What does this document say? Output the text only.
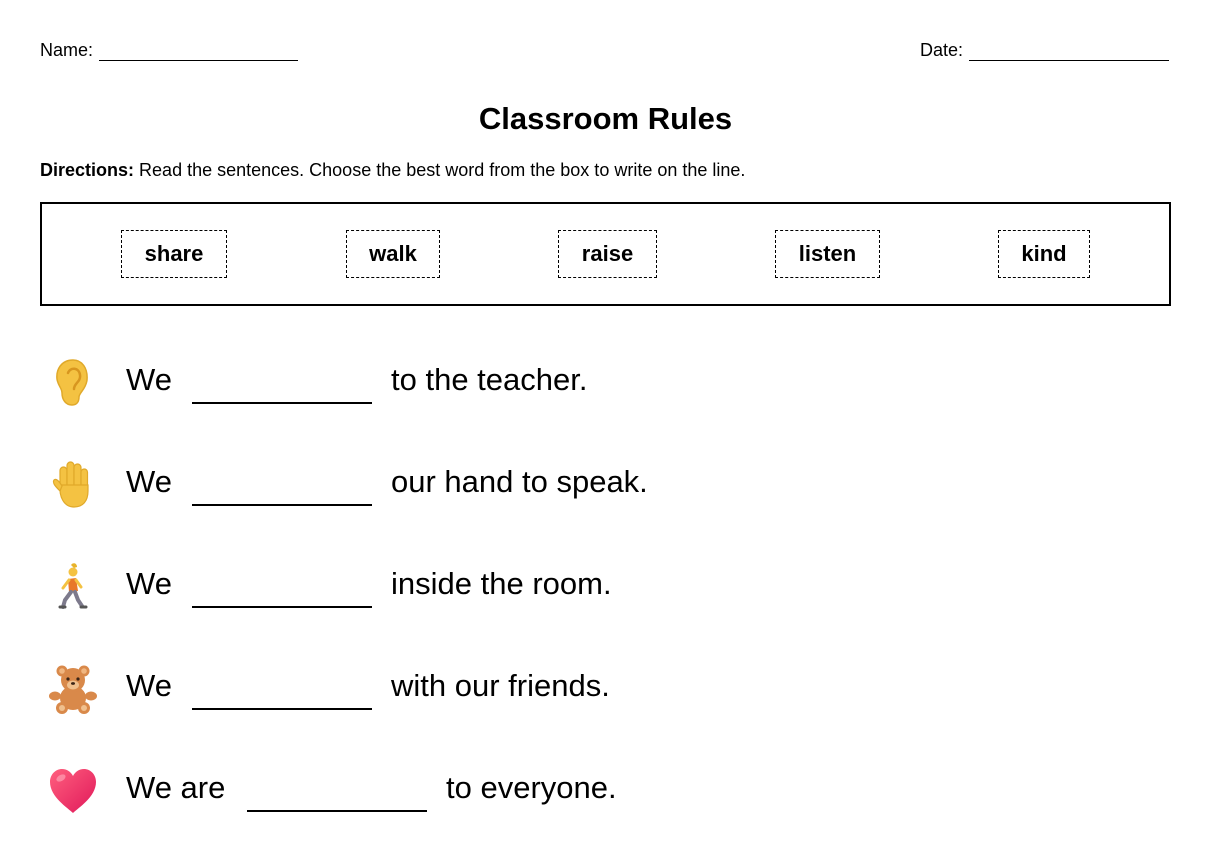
Name:	Date:
Classroom Rules
Directions: Read the sentences. Choose the best word from the box to write on the line.
share	walk	raise	listen	kind
We	to the teacher.
We	our hand to speak.
We	inside the room.
We	with our friends.
We are	to everyone.
